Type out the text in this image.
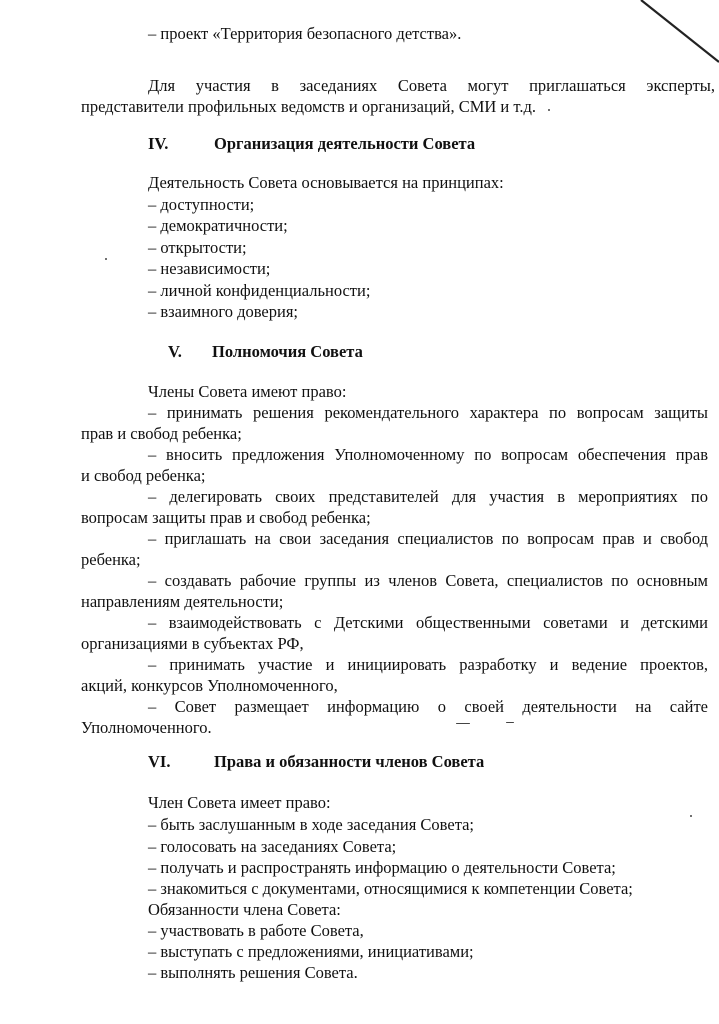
– проект «Территория безопасного детства».
Для участия в заседаниях Совета могут приглашаться эксперты,
представители профильных ведомств и организаций, СМИ и т.д.
IV.	Организация деятельности Совета
Деятельность Совета основывается на принципах:
– доступности;
– демократичности;
– открытости;
– независимости;
– личной конфиденциальности;
– взаимного доверия;
V. Полномочия Совета
Члены Совета имеют право:
– принимать решения рекомендательного характера по вопросам защиты
прав и свобод ребенка;
– вносить предложения Уполномоченному по вопросам обеспечения прав
и свобод ребенка;
– делегировать своих представителей для участия в мероприятиях по
вопросам защиты прав и свобод ребенка;
– приглашать на свои заседания специалистов по вопросам прав и свобод
ребенка;
– создавать рабочие группы из членов Совета, специалистов по основным
направлениям деятельности;
– взаимодействовать с Детскими общественными советами и детскими
организациями в субъектах РФ,
– принимать участие и инициировать разработку и ведение проектов,
акций, конкурсов Уполномоченного,
– Совет размещает информацию о своей деятельности на сайте
Уполномоченного.
VI.	Права и обязанности членов Совета
Член Совета имеет право:
– быть заслушанным в ходе заседания Совета;
– голосовать на заседаниях Совета;
– получать и распространять информацию о деятельности Совета;
– знакомиться с документами, относящимися к компетенции Совета;
Обязанности члена Совета:
– участвовать в работе Совета,
– выступать с предложениями, инициативами;
– выполнять решения Совета.
